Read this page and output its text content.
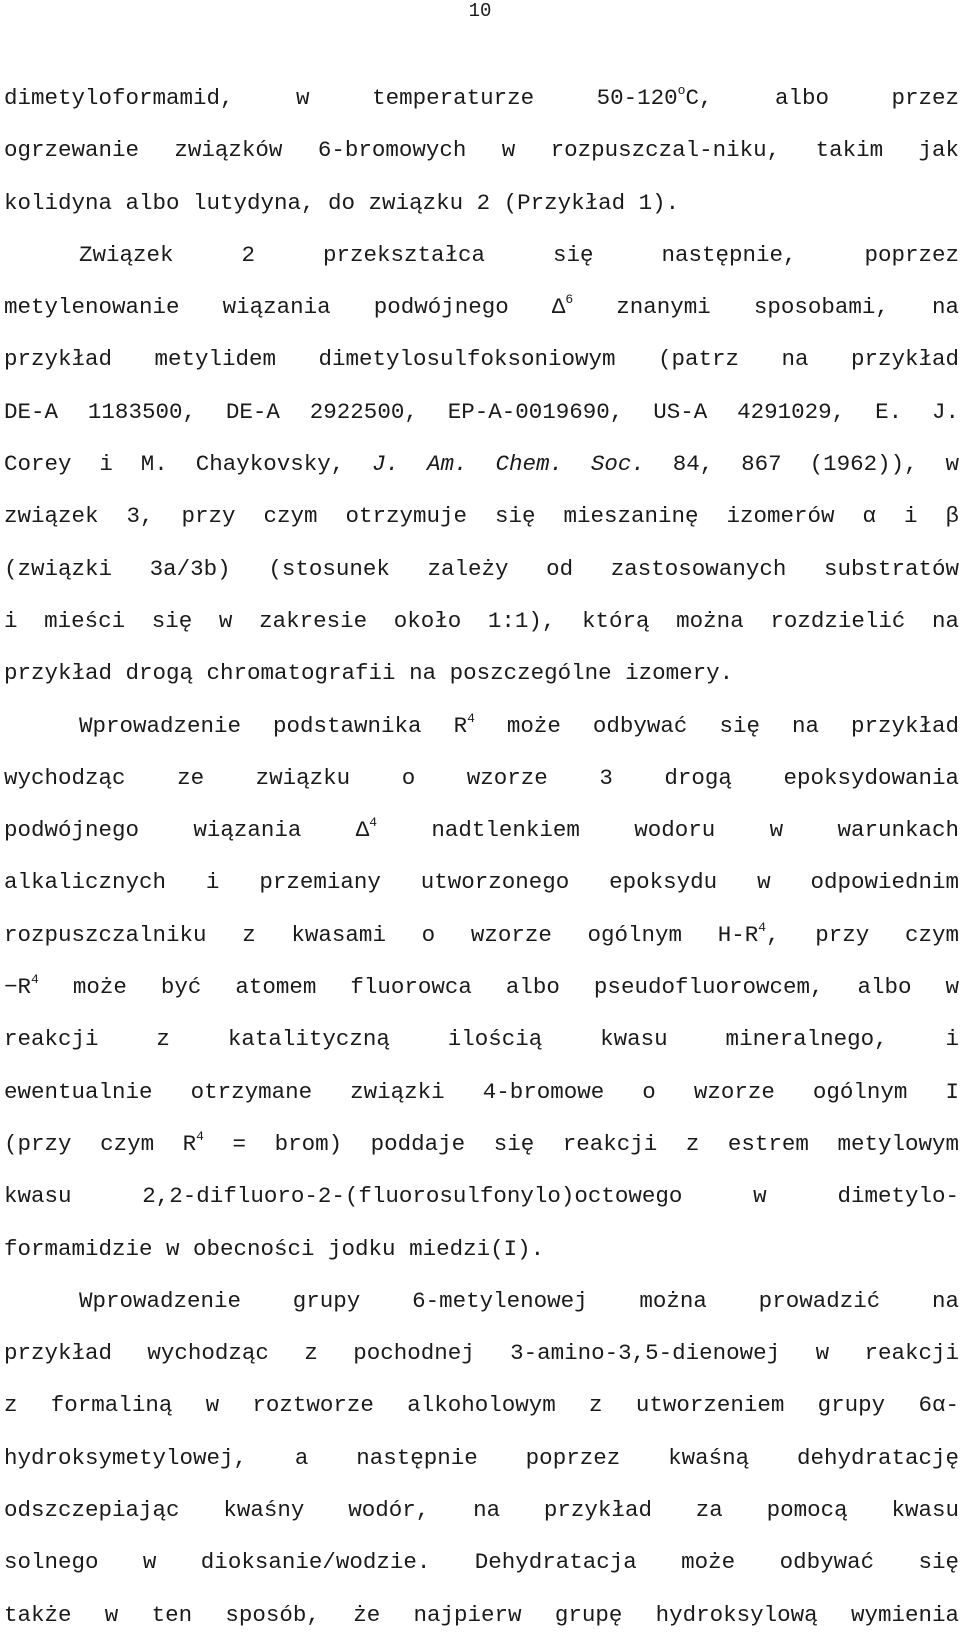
10
dimetyloformamid, w temperaturze 50-120$^o$C, albo przez
ogrzewanie związków 6-bromowych w rozpuszczal-niku, takim jak
kolidyna albo lutydyna, do związku 2 (Przykład 1).
Związek 2 przekształca się następnie, poprzez
metylenowanie wiązania podwójnego $\Delta^6$ znanymi sposobami, na
przykład metylidem dimetylosulfoksoniowym (patrz na przykład
DE-A 1183500, DE-A 2922500, EP-A-0019690, US-A 4291029, E. J.
Corey i M. Chaykovsky, J. Am. Chem. Soc. 84, 867 (1962)), w
związek 3, przy czym otrzymuje się mieszaninę izomerów α i β
(związki 3a/3b) (stosunek zależy od zastosowanych substratów
i mieści się w zakresie około 1:1), którą można rozdzielić na
przykład drogą chromatografii na poszczególne izomery.
Wprowadzenie podstawnika $R^4$ może odbywać się na przykład
wychodząc ze związku o wzorze 3 drogą epoksydowania
podwójnego wiązania $\Delta^4$ nadtlenkiem wodoru w warunkach
alkalicznych i przemiany utworzonego epoksydu w odpowiednim
rozpuszczalniku z kwasami o wzorze ogólnym $H-R^4$, przy czym
$-R^4$ może być atomem fluorowca albo pseudofluorowcem, albo w
reakcji z katalityczną ilością kwasu mineralnego, i
ewentualnie otrzymane związki 4-bromowe o wzorze ogólnym I
(przy czym $R^4$ = brom) poddaje się reakcji z estrem metylowym
kwasu 2,2-difluoro-2-(fluorosulfonylo)octowego w dimetylo-
formamidzie w obecności jodku miedzi(I).
Wprowadzenie grupy 6-metylenowej można prowadzić na
przykład wychodząc z pochodnej 3-amino-3,5-dienowej w reakcji
z formaliną w roztworze alkoholowym z utworzeniem grupy 6α-
hydroksymetylowej, a następnie poprzez kwaśną dehydratację
odszczepiając kwaśny wodór, na przykład za pomocą kwasu
solnego w dioksanie/wodzie. Dehydratacja może odbywać się
także w ten sposób, że najpierw grupę hydroksylową wymienia
